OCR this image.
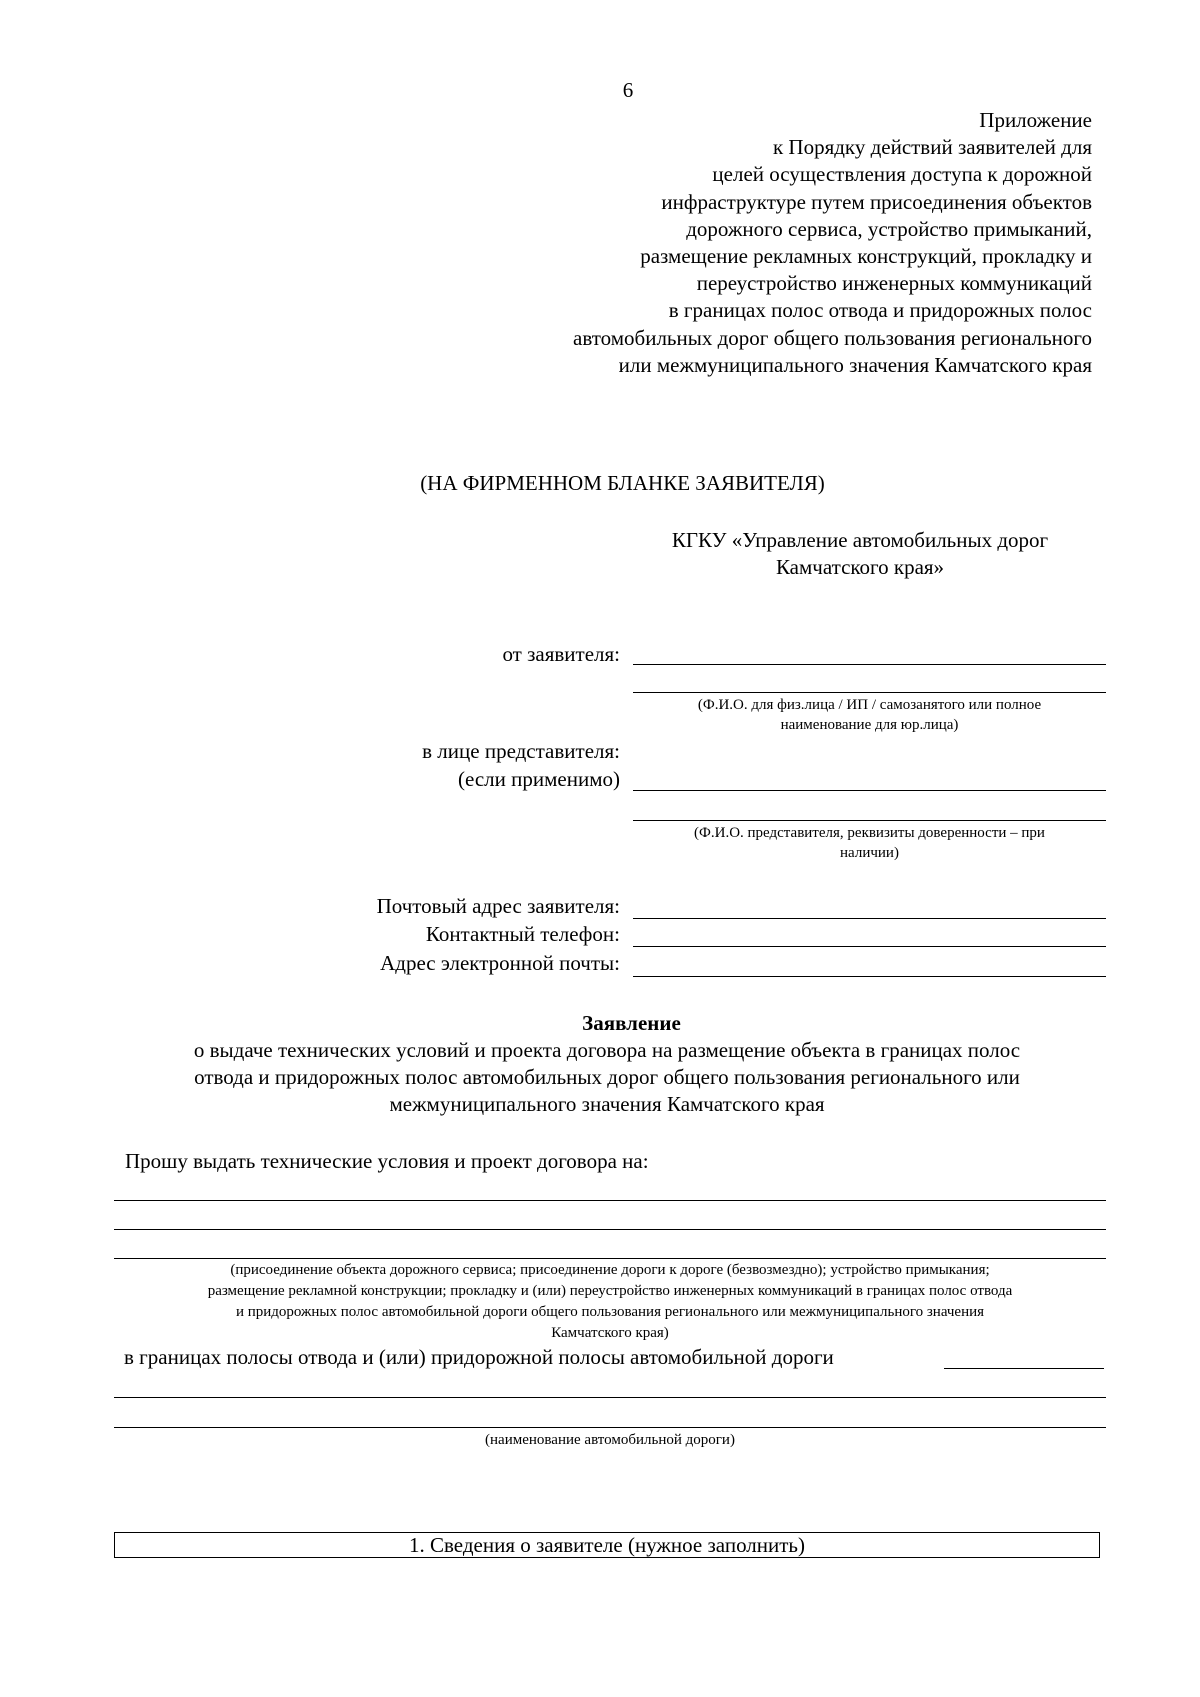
6
Приложение
к Порядку действий заявителей для
целей осуществления доступа к дорожной
инфраструктуре путем присоединения объектов
дорожного сервиса, устройство примыканий,
размещение рекламных конструкций, прокладку и
переустройство инженерных коммуникаций
в границах полос отвода и придорожных полос
автомобильных дорог общего пользования регионального
или межмуниципального значения Камчатского края
(НА ФИРМЕННОМ БЛАНКЕ ЗАЯВИТЕЛЯ)
КГКУ «Управление автомобильных дорог
Камчатского края»
от заявителя:
(Ф.И.О. для физ.лица / ИП / самозанятого или полное
наименование для юр.лица)
в лице представителя:
(если применимо)
(Ф.И.О. представителя, реквизиты доверенности – при
наличии)
Почтовый адрес заявителя:
Контактный телефон:
Адрес электронной почты:
Заявление
о выдаче технических условий и проекта договора на размещение объекта в границах полос
отвода и придорожных полос автомобильных дорог общего пользования регионального или
межмуниципального значения Камчатского края
Прошу выдать технические условия и проект договора на:
(присоединение объекта дорожного сервиса; присоединение дороги к дороге (безвозмездно); устройство примыкания;
размещение рекламной конструкции; прокладку и (или) переустройство инженерных коммуникаций в границах полос отвода
и придорожных полос автомобильной дороги общего пользования регионального или межмуниципального значения
Камчатского края)
в границах полосы отвода и (или) придорожной полосы автомобильной дороги
(наименование автомобильной дороги)
1. Сведения о заявителе (нужное заполнить)
